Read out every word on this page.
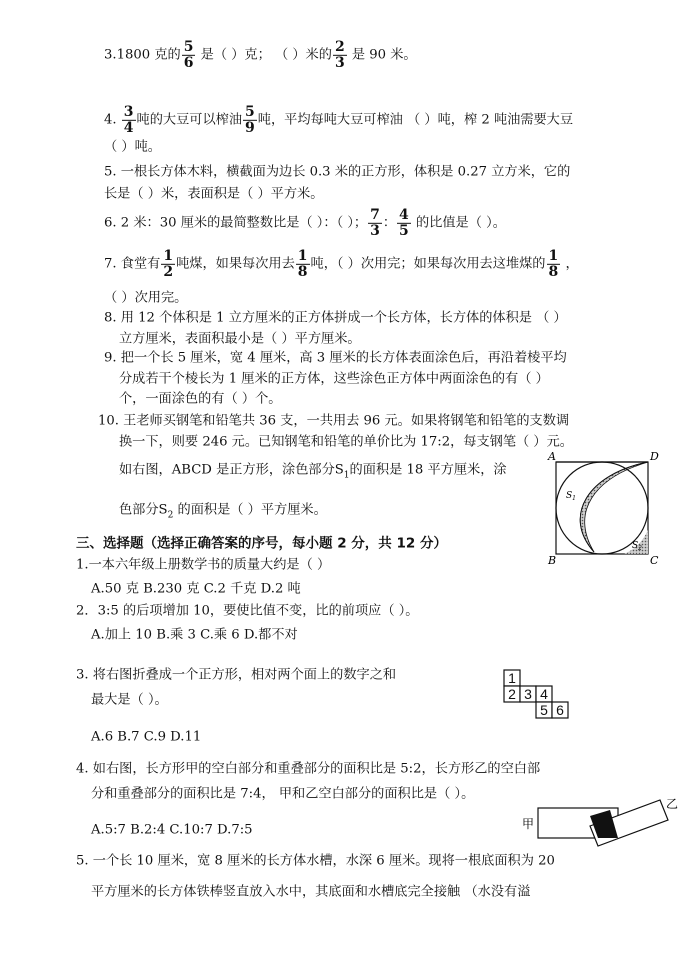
3.1800 克的 $\frac{5}{6}$ 是（ ）克； （ ）米的 $\frac{2}{3}$ 是 90 米。
4. $\frac{3}{4}$ 吨的大豆可以榨油 $\frac{5}{9}$ 吨，平均每吨大豆可榨油 （ ）吨，榨 2 吨油需要大豆
（ ）吨。
5. 一根长方体木料，横截面为边长 0.3 米的正方形，体积是 0.27 立方米，它的
长是（ ）米，表面积是（ ）平方米。
6. 2 米：30 厘米的最简整数比是（ ）：（ ）； $\frac{7}{3}$ ： $\frac{4}{5}$ 的比值是（ ）。
7. 食堂有 $\frac{1}{2}$ 吨煤，如果每次用去 $\frac{1}{8}$ 吨，（ ）次用完；如果每次用去这堆煤的 $\frac{1}{8}$ ，
（ ）次用完。
8. 用 12 个体积是 1 立方厘米的正方体拼成一个长方体，长方体的体积是 （ ）
立方厘米，表面积最小是（ ）平方厘米。
9. 把一个长 5 厘米，宽 4 厘米，高 3 厘米的长方体表面涂色后，再沿着棱平均
分成若干个棱长为 1 厘米的正方体，这些涂色正方体中两面涂色的有（ ）
个，一面涂色的有（ ）个。
10. 王老师买钢笔和铅笔共 36 支，一共用去 96 元。如果将钢笔和铅笔的支数调
换一下，则要 246 元。已知钢笔和铅笔的单价比为 17:2，每支钢笔（ ）元。
如右图，ABCD 是正方形，涂色部分$S_1$的面积是 18 平方厘米，涂
色部分$S_2$ 的面积是（ ）平方厘米。
三、选择题（选择正确答案的序号，每小题 2 分，共 12 分）
1.一本六年级上册数学书的质量大约是（ ）
A.50 克 B.230 克 C.2 千克 D.2 吨
2．3:5 的后项增加 10，要使比值不变，比的前项应（ ）。
A.加上 10 B.乘 3 C.乘 6 D.都不对
3. 将右图折叠成一个正方形，相对两个面上的数字之和
最大是（ ）。
A.6 B.7 C.9 D.11
4. 如右图，长方形甲的空白部分和重叠部分的面积比是 5:2，长方形乙的空白部
分和重叠部分的面积比是 7:4， 甲和乙空白部分的面积比是（ ）。
A.5:7 B.2:4 C.10:7 D.7:5
5. 一个长 10 厘米，宽 8 厘米的长方体水槽，水深 6 厘米。现将一根底面积为 20
平方厘米的长方体铁棒竖直放入水中，其底面和水槽底完全接触 （水没有溢
A	D
B	C
$S_1$
$S_2$
1
2 3 4
5 6
甲
乙
